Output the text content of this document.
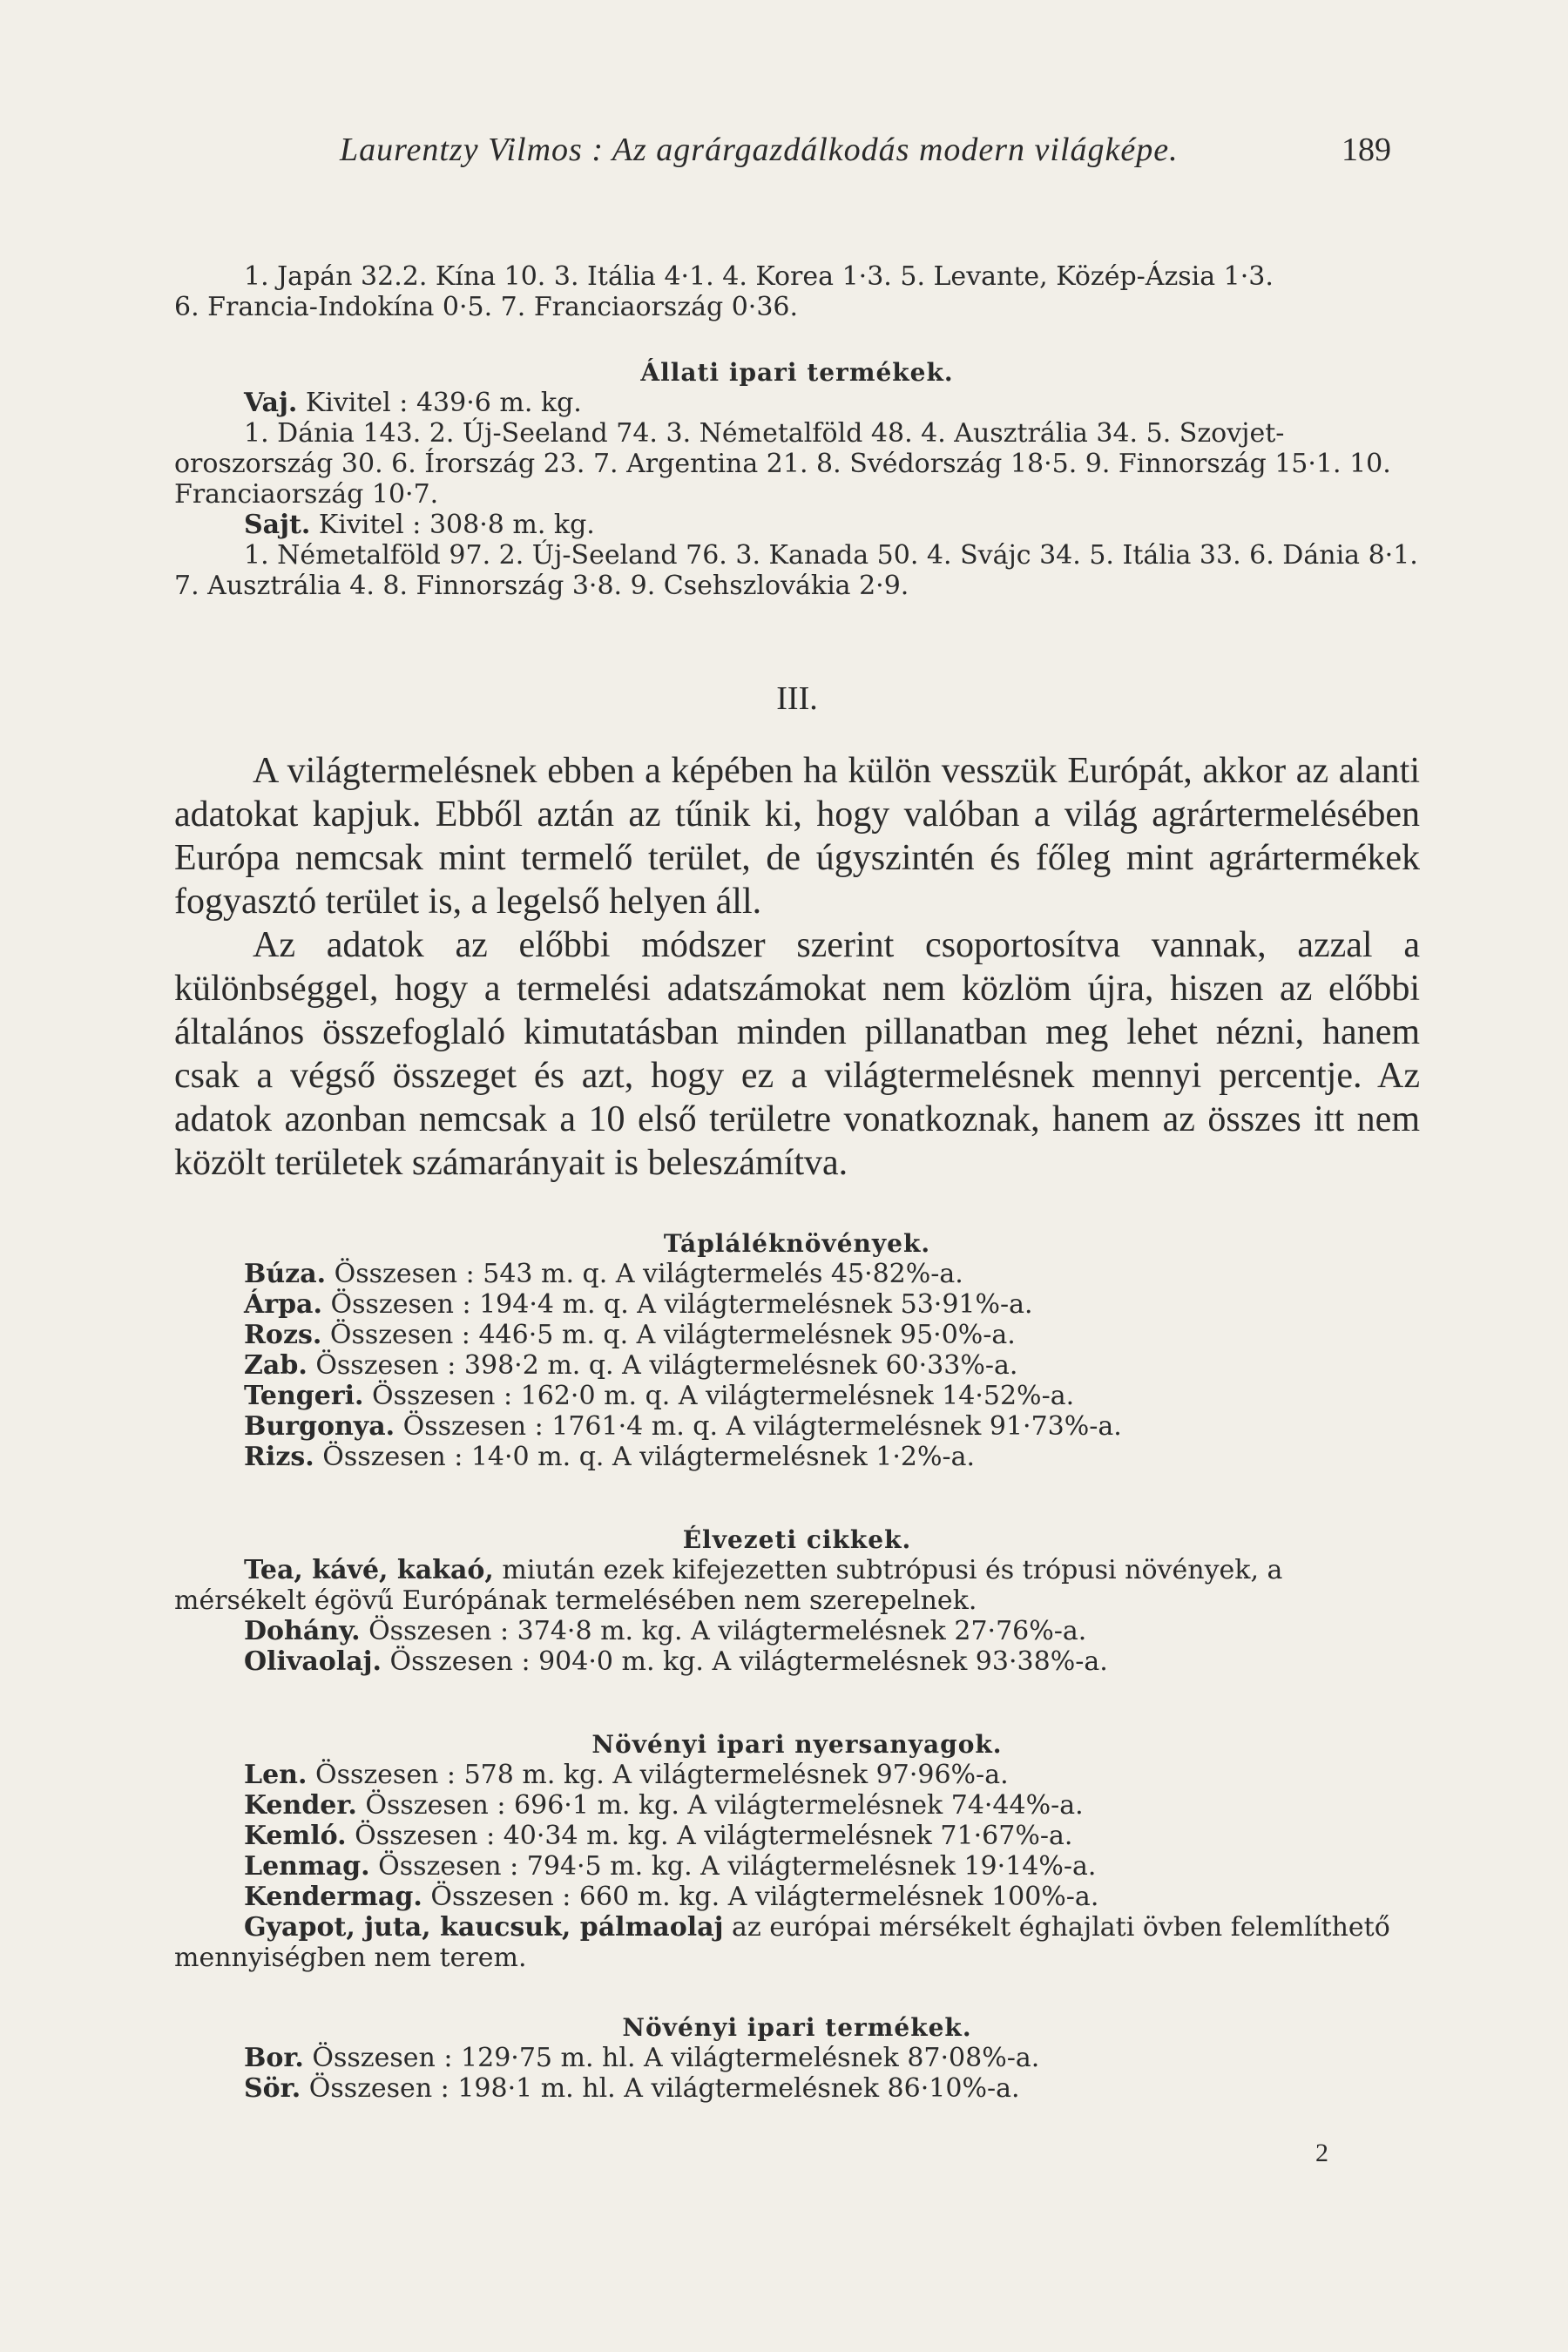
Laurentzy Vilmos : Az agrárgazdálkodás modern világképe.	189

1. Japán 32.2. Kína 10. 3. Itália 4·1. 4. Korea 1·3. 5. Levante, Közép-Ázsia 1·3.

6. Francia-Indokína 0·5. 7. Franciaország 0·36.

Állati ipari termékek.

Vaj. Kivitel : 439·6 m. kg.

1. Dánia 143. 2. Új-Seeland 74. 3. Németalföld 48. 4. Ausztrália 34. 5. Szovjet-oroszország 30. 6. Írország 23. 7. Argentina 21. 8. Svédország 18·5. 9. Finnország 15·1. 10. Franciaország 10·7.

Sajt. Kivitel : 308·8 m. kg.

1. Németalföld 97. 2. Új-Seeland 76. 3. Kanada 50. 4. Svájc 34. 5. Itália 33. 6. Dánia 8·1. 7. Ausztrália 4. 8. Finnország 3·8. 9. Csehszlovákia 2·9.

III.

A világtermelésnek ebben a képében ha külön vesszük Európát, akkor az alanti adatokat kapjuk. Ebből aztán az tűnik ki, hogy valóban a világ agrártermelésében Európa nemcsak mint termelő terület, de úgyszintén és főleg mint agrártermékek fogyasztó terület is, a legelső helyen áll.

Az adatok az előbbi módszer szerint csoportosítva vannak, azzal a különbséggel, hogy a termelési adatszámokat nem közlöm újra, hiszen az előbbi általános összefoglaló kimutatásban minden pillanatban meg lehet nézni, hanem csak a végső összeget és azt, hogy ez a világtermelésnek mennyi percentje. Az adatok azonban nemcsak a 10 első területre vonatkoznak, hanem az összes itt nem közölt területek számarányait is beleszámítva.

Tápláléknövények.

Búza. Összesen : 543 m. q. A világtermelés 45·82%-a.

Árpa. Összesen : 194·4 m. q. A világtermelésnek 53·91%-a.

Rozs. Összesen : 446·5 m. q. A világtermelésnek 95·0%-a.

Zab. Összesen : 398·2 m. q. A világtermelésnek 60·33%-a.

Tengeri. Összesen : 162·0 m. q. A világtermelésnek 14·52%-a.

Burgonya. Összesen : 1761·4 m. q. A világtermelésnek 91·73%-a.

Rizs. Összesen : 14·0 m. q. A világtermelésnek 1·2%-a.

Élvezeti cikkek.

Tea, kávé, kakaó, miután ezek kifejezetten subtrópusi és trópusi növények, a mérsékelt égövű Európának termelésében nem szerepelnek.

Dohány. Összesen : 374·8 m. kg. A világtermelésnek 27·76%-a.

Olivaolaj. Összesen : 904·0 m. kg. A világtermelésnek 93·38%-a.

Növényi ipari nyersanyagok.

Len. Összesen : 578 m. kg. A világtermelésnek 97·96%-a.

Kender. Összesen : 696·1 m. kg. A világtermelésnek 74·44%-a.

Kemló. Összesen : 40·34 m. kg. A világtermelésnek 71·67%-a.

Lenmag. Összesen : 794·5 m. kg. A világtermelésnek 19·14%-a.

Kendermag. Összesen : 660 m. kg. A világtermelésnek 100%-a.

Gyapot, juta, kaucsuk, pálmaolaj az európai mérsékelt éghajlati övben felemlíthető mennyiségben nem terem.

Növényi ipari termékek.

Bor. Összesen : 129·75 m. hl. A világtermelésnek 87·08%-a.

Sör. Összesen : 198·1 m. hl. A világtermelésnek 86·10%-a.

2
